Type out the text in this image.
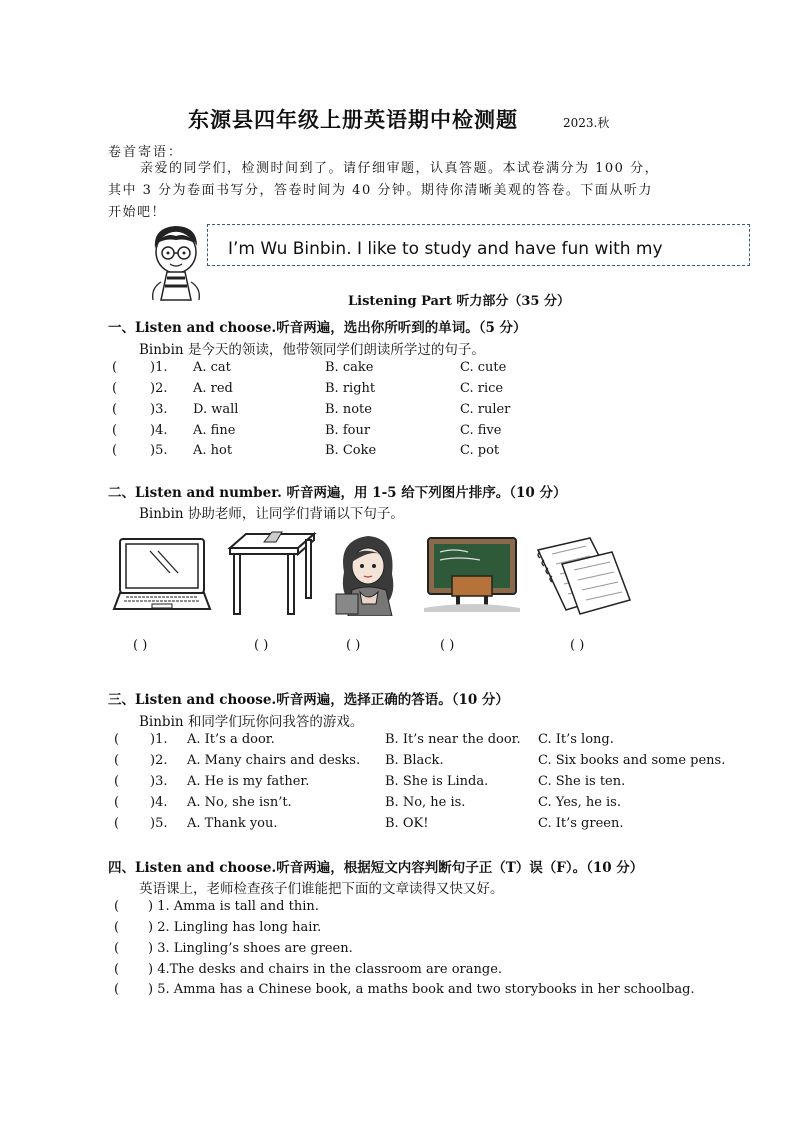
东源县四年级上册英语期中检测题	2023.秋
卷首寄语：

亲爱的同学们，检测时间到了。请仔细审题，认真答题。本试卷满分为 100 分，

其中 3 分为卷面书写分，答卷时间为 40 分钟。期待你清晰美观的答卷。下面从听力

开始吧！

I’m Wu Binbin. I like to study and have fun with my
Listening Part 听力部分（35 分）
一、Listen and choose.听音两遍，选出你所听到的单词。（5 分）
Binbin 是今天的领读，他带领同学们朗读所学过的句子。
(	)1. A. cat	B. cake	C. cute
(	)2. A. red	B. right	C. rice
(	)3. D. wall	B. note	C. ruler
(	)4. A. fine	B. four	C. five
(	)5. A. hot	B. Coke	C. pot
二、Listen and number. 听音两遍，用 1-5 给下列图片排序。（10 分）
Binbin 协助老师，让同学们背诵以下句子。
( )	( )	( )	( )	( )
三、Listen and choose.听音两遍，选择正确的答语。（10 分）
Binbin 和同学们玩你问我答的游戏。
( )1. A. It’s a door.	B. It’s near the door. C. It’s long.
( )2. A. Many chairs and desks. B. Black.	C. Six books and some pens.
( )3. A. He is my father.	B. She is Linda.	C. She is ten.
( )4. A. No, she isn’t.	B. No, he is.	C. Yes, he is.
( )5. A. Thank you.	B. OK!	C. It’s green.
四、Listen and choose.听音两遍，根据短文内容判断句子正（T）误（F）。（10 分）
英语课上，老师检查孩子们谁能把下面的文章读得又快又好。
( ) 1. Amma is tall and thin.
( ) 2. Lingling has long hair.
( ) 3. Lingling’s shoes are green.
( ) 4.The desks and chairs in the classroom are orange.
( ) 5. Amma has a Chinese book, a maths book and two storybooks in her schoolbag.
